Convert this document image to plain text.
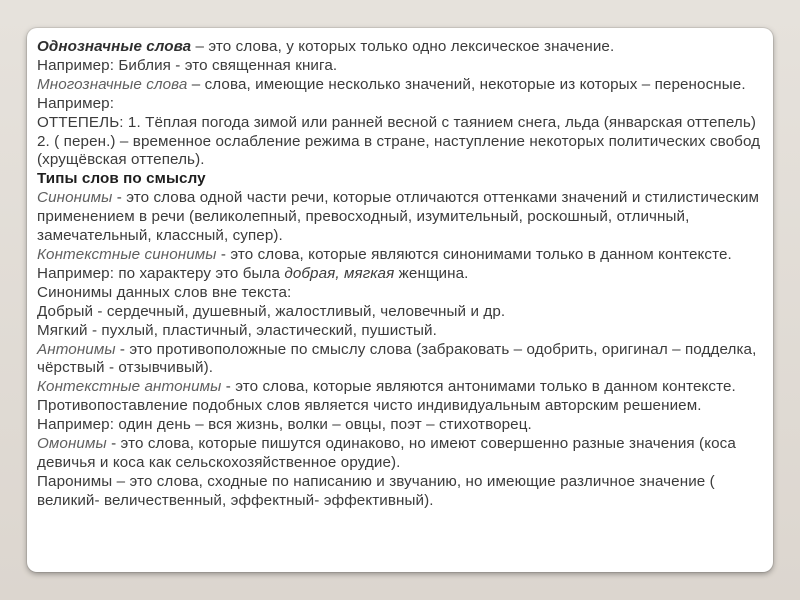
Однозначные слова – это слова, у которых только одно лексическое значение.

Например: Библия - это священная книга.

Многозначные слова – слова, имеющие несколько значений, некоторые из которых – переносные.

Например:

ОТТЕПЕЛЬ: 1. Тёплая погода зимой или ранней весной с таянием снега, льда (январская оттепель) 2. ( перен.) – временное ослабление режима в стране, наступление некоторых политических свобод (хрущёвская оттепель).

Типы слов по смыслу

Синонимы - это слова одной части речи, которые отличаются оттенками значений и стилистическим применением в речи (великолепный, превосходный, изумительный, роскошный, отличный, замечательный, классный, супер).

Контекстные синонимы - это слова, которые являются синонимами только в данном контексте.

Например: по характеру это была добрая, мягкая женщина.

Синонимы данных слов вне текста:

Добрый - сердечный, душевный, жалостливый, человечный и др.

Мягкий - пухлый, пластичный, эластический, пушистый.

Антонимы - это противоположные по смыслу слова (забраковать – одобрить, оригинал – подделка, чёрствый - отзывчивый).

Контекстные антонимы - это слова, которые являются антонимами только в данном контексте. Противопоставление подобных слов является чисто индивидуальным авторским решением.

Например: один день – вся жизнь, волки – овцы, поэт – стихотворец.

Омонимы - это слова, которые пишутся одинаково, но имеют совершенно разные значения (коса девичья и коса как сельскохозяйственное орудие).

Паронимы – это слова, сходные по написанию и звучанию, но имеющие различное значение ( великий- величественный, эффектный- эффективный).
